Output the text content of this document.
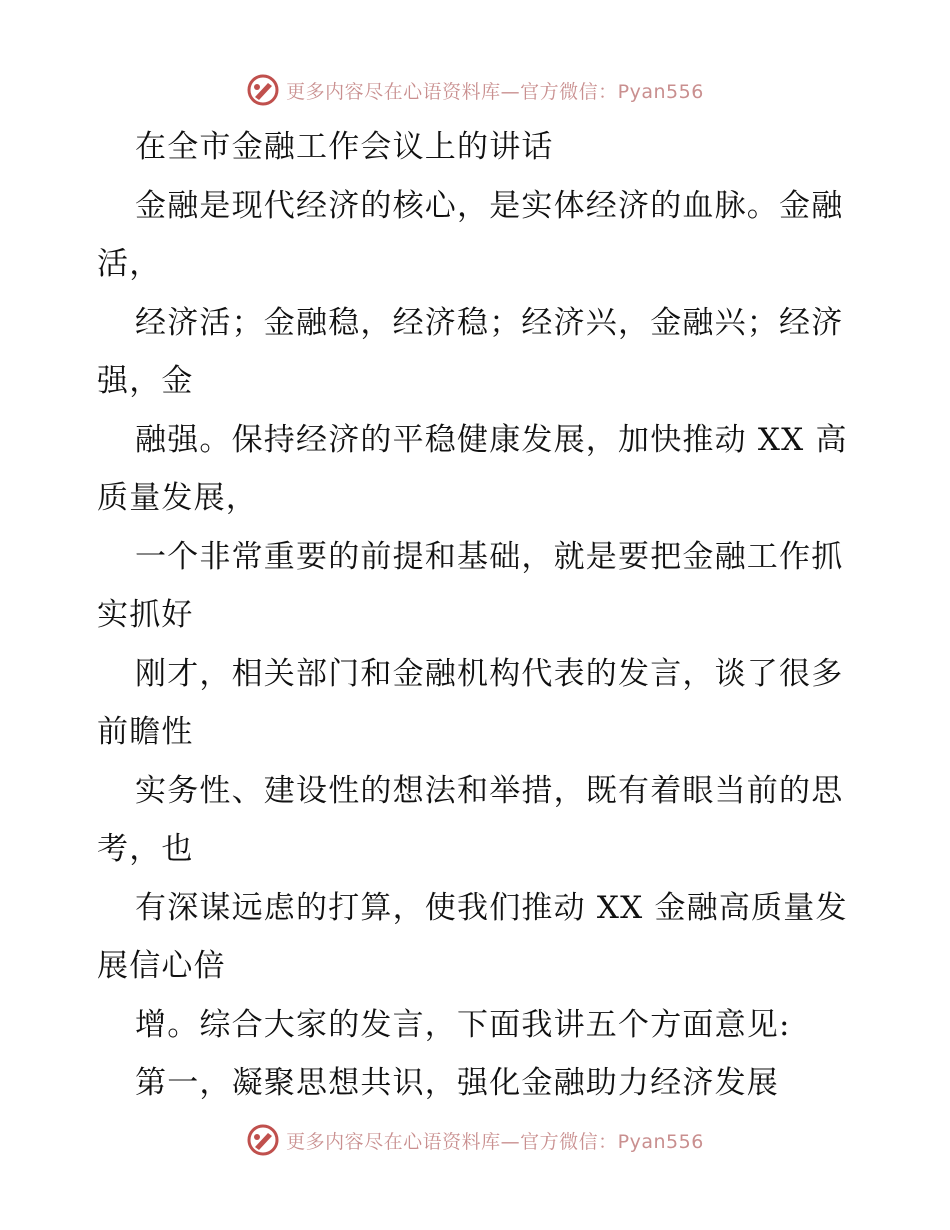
更多内容尽在心语资料库—官方微信：Pyan556

在全市金融工作会议上的讲话

金融是现代经济的核心，是实体经济的血脉。金融活，

经济活；金融稳，经济稳；经济兴，金融兴；经济强，金

融强。保持经济的平稳健康发展，加快推动 XX 高质量发展，

一个非常重要的前提和基础，就是要把金融工作抓实抓好

刚才，相关部门和金融机构代表的发言，谈了很多前瞻性

实务性、建设性的想法和举措，既有着眼当前的思考，也

有深谋远虑的打算，使我们推动 XX 金融高质量发展信心倍

增。综合大家的发言，下面我讲五个方面意见:

第一，凝聚思想共识，强化金融助力经济发展

更多内容尽在心语资料库—官方微信：Pyan556
